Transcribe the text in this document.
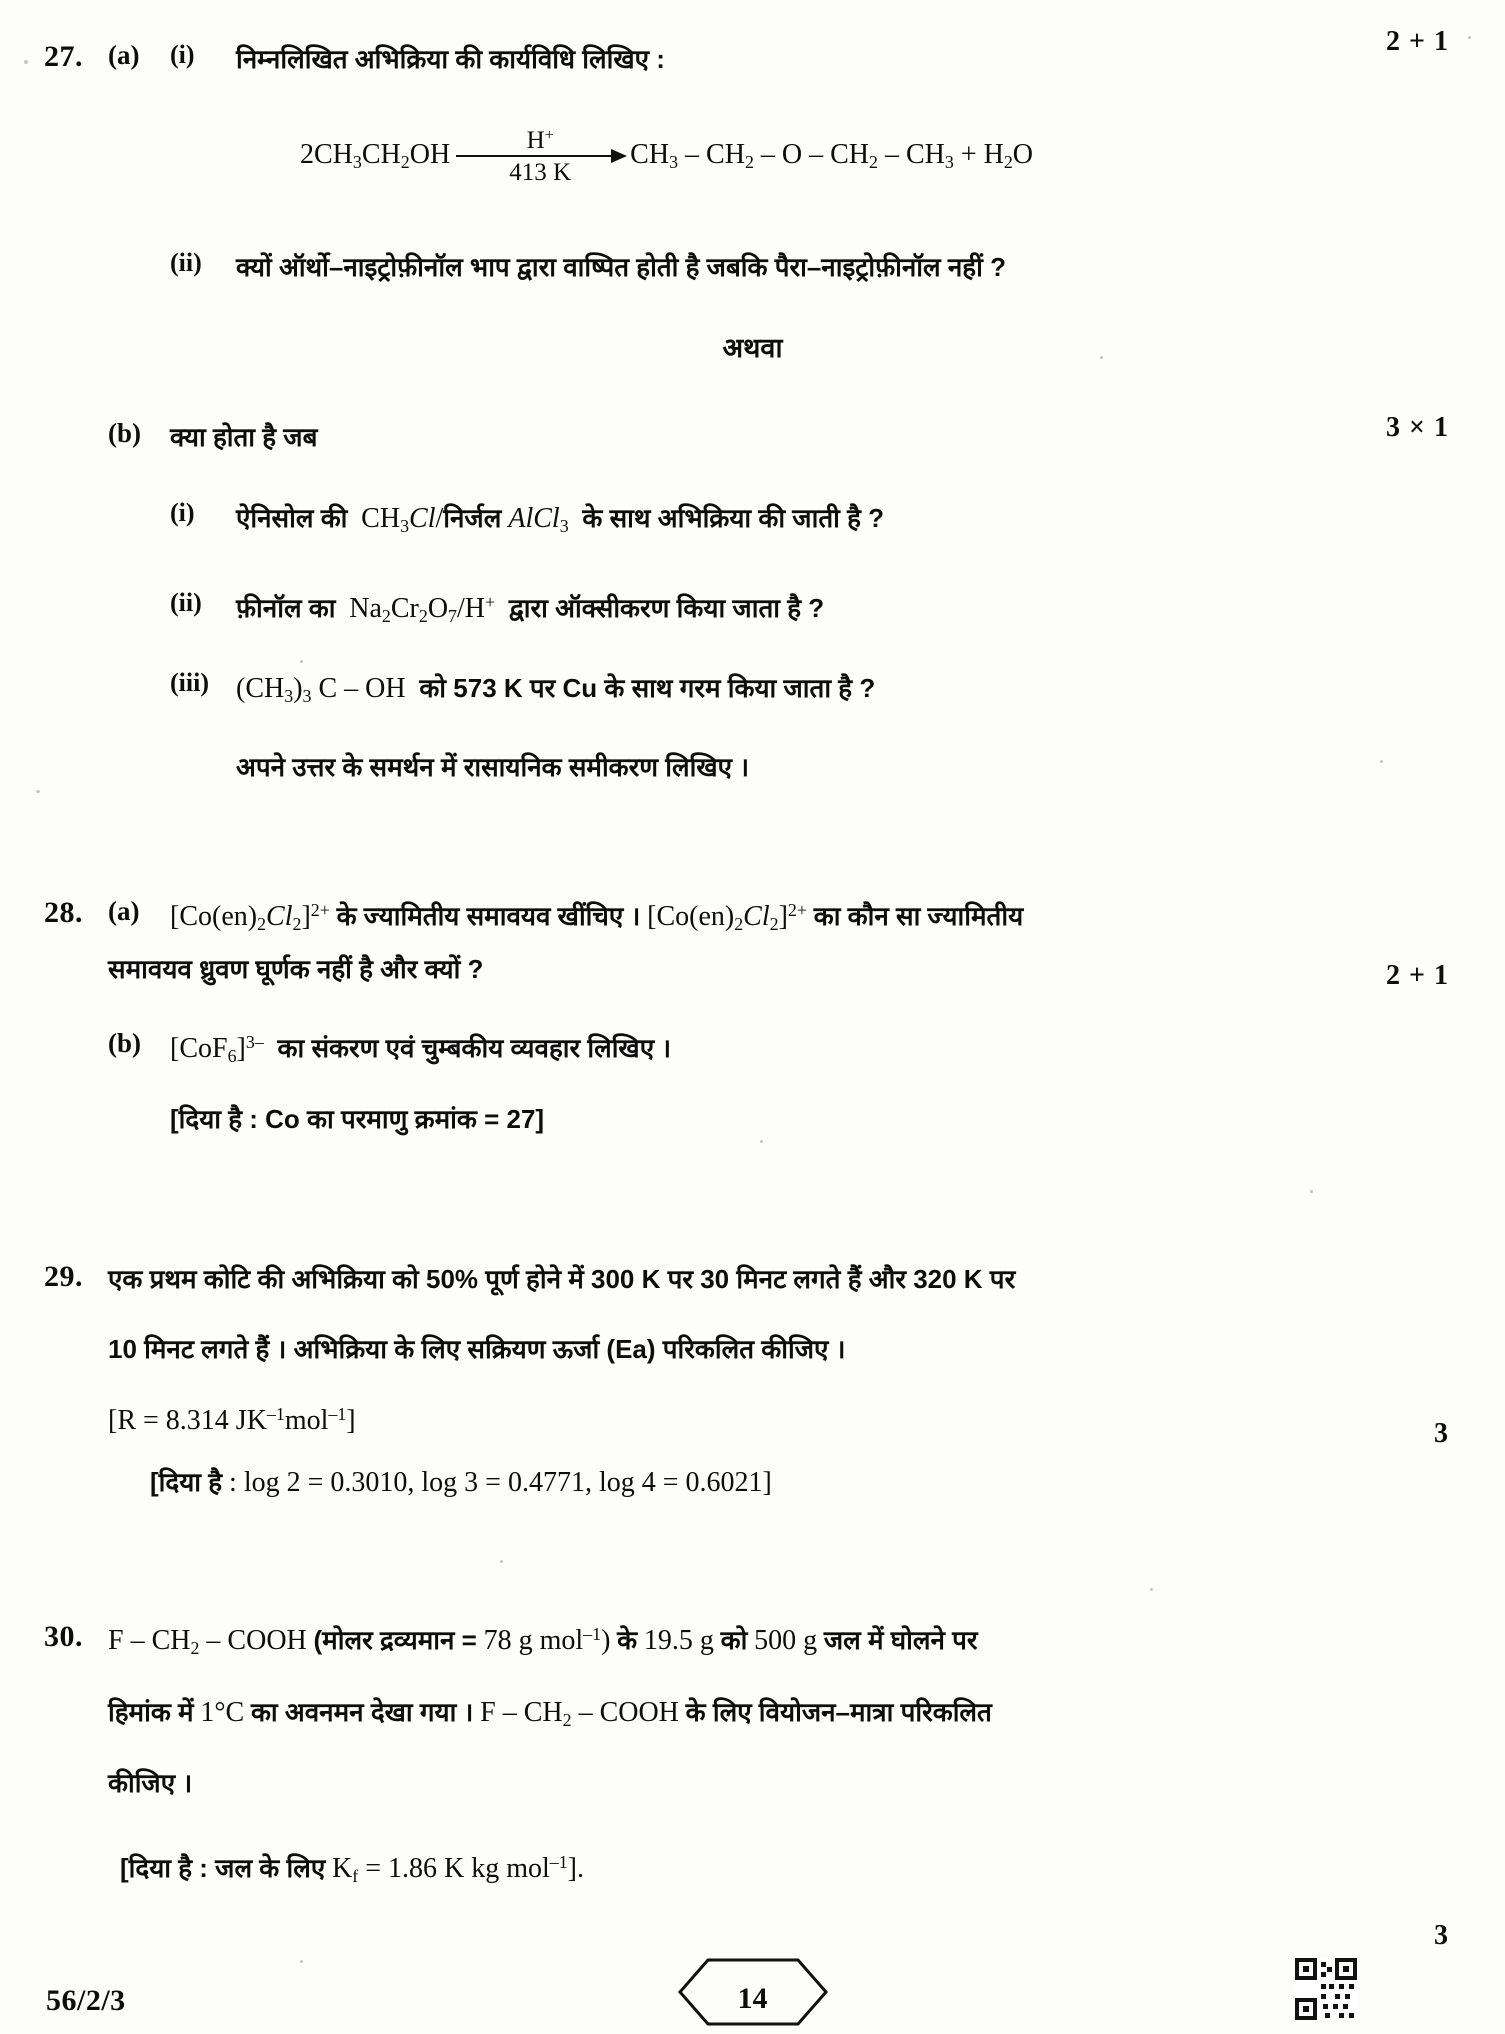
2 + 1
27. (a)	(i)	निम्नलिखित अभिक्रिया की कार्यविधि लिखिए :
$2CH_3CH_2OH$	H+
413 K
$CH_3 - CH_2 - O - CH_2 - CH_3 + H_2O$
(ii)	क्यों ऑर्थो–नाइट्रोफ़ीनॉल भाप द्वारा वाष्पित होती है जबकि पैरा–नाइट्रोफ़ीनॉल नहीं ?
अथवा
3 × 1
(b)	क्या होता है जब
(i)	ऐनिसोल की  $CH_3Cl/निर्जल$ AlCl$_3$ के साथ अभिक्रिया की जाती है ?
(ii)	फ़ीनॉल का  $Na_2Cr_2O_7/H^+$ द्वारा ऑक्सीकरण किया जाता है ?
(iii) $(CH_3)_3$ C – OH  को 573 K पर Cu के साथ गरम किया जाता है ?
अपने उत्तर के समर्थन में रासायनिक समीकरण लिखिए ।
28. (a)	$[Co(en)_2Cl_2]^{2+}$ के ज्यामितीय समावयव खींचिए । $[Co(en)_2Cl_2]^{2+}$ का कौन सा ज्यामितीय
2 + 1
समावयव ध्रुवण घूर्णक नहीं है और क्यों ?
(b)	$[CoF_6]^{3-}$ का संकरण एवं चुम्बकीय व्यवहार लिखिए ।
[दिया है : Co का परमाणु क्रमांक = 27]
29. एक प्रथम कोटि की अभिक्रिया को 50% पूर्ण होने में 300 K पर 30 मिनट लगते हैं और 320 K पर
10 मिनट लगते हैं । अभिक्रिया के लिए सक्रियण ऊर्जा (Ea) परिकलित कीजिए ।
[R = 8.314 $JK^{-1}mol^{-1}$]	3
[दिया है : log 2 = 0.3010, log 3 = 0.4771, log 4 = 0.6021]
30. F – $CH_2$ – COOH (मोलर द्रव्यमान = 78 g mol$^{-1}$) के 19.5 g को 500 g जल में घोलने पर
हिमांक में 1°C का अवनमन देखा गया । F – $CH_2$ – COOH के लिए वियोजन–मात्रा परिकलित
कीजिए ।
[दिया है : जल के लिए $K_f = 1.86$ K kg mol$^{-1}$].
3
56/2/3	14
